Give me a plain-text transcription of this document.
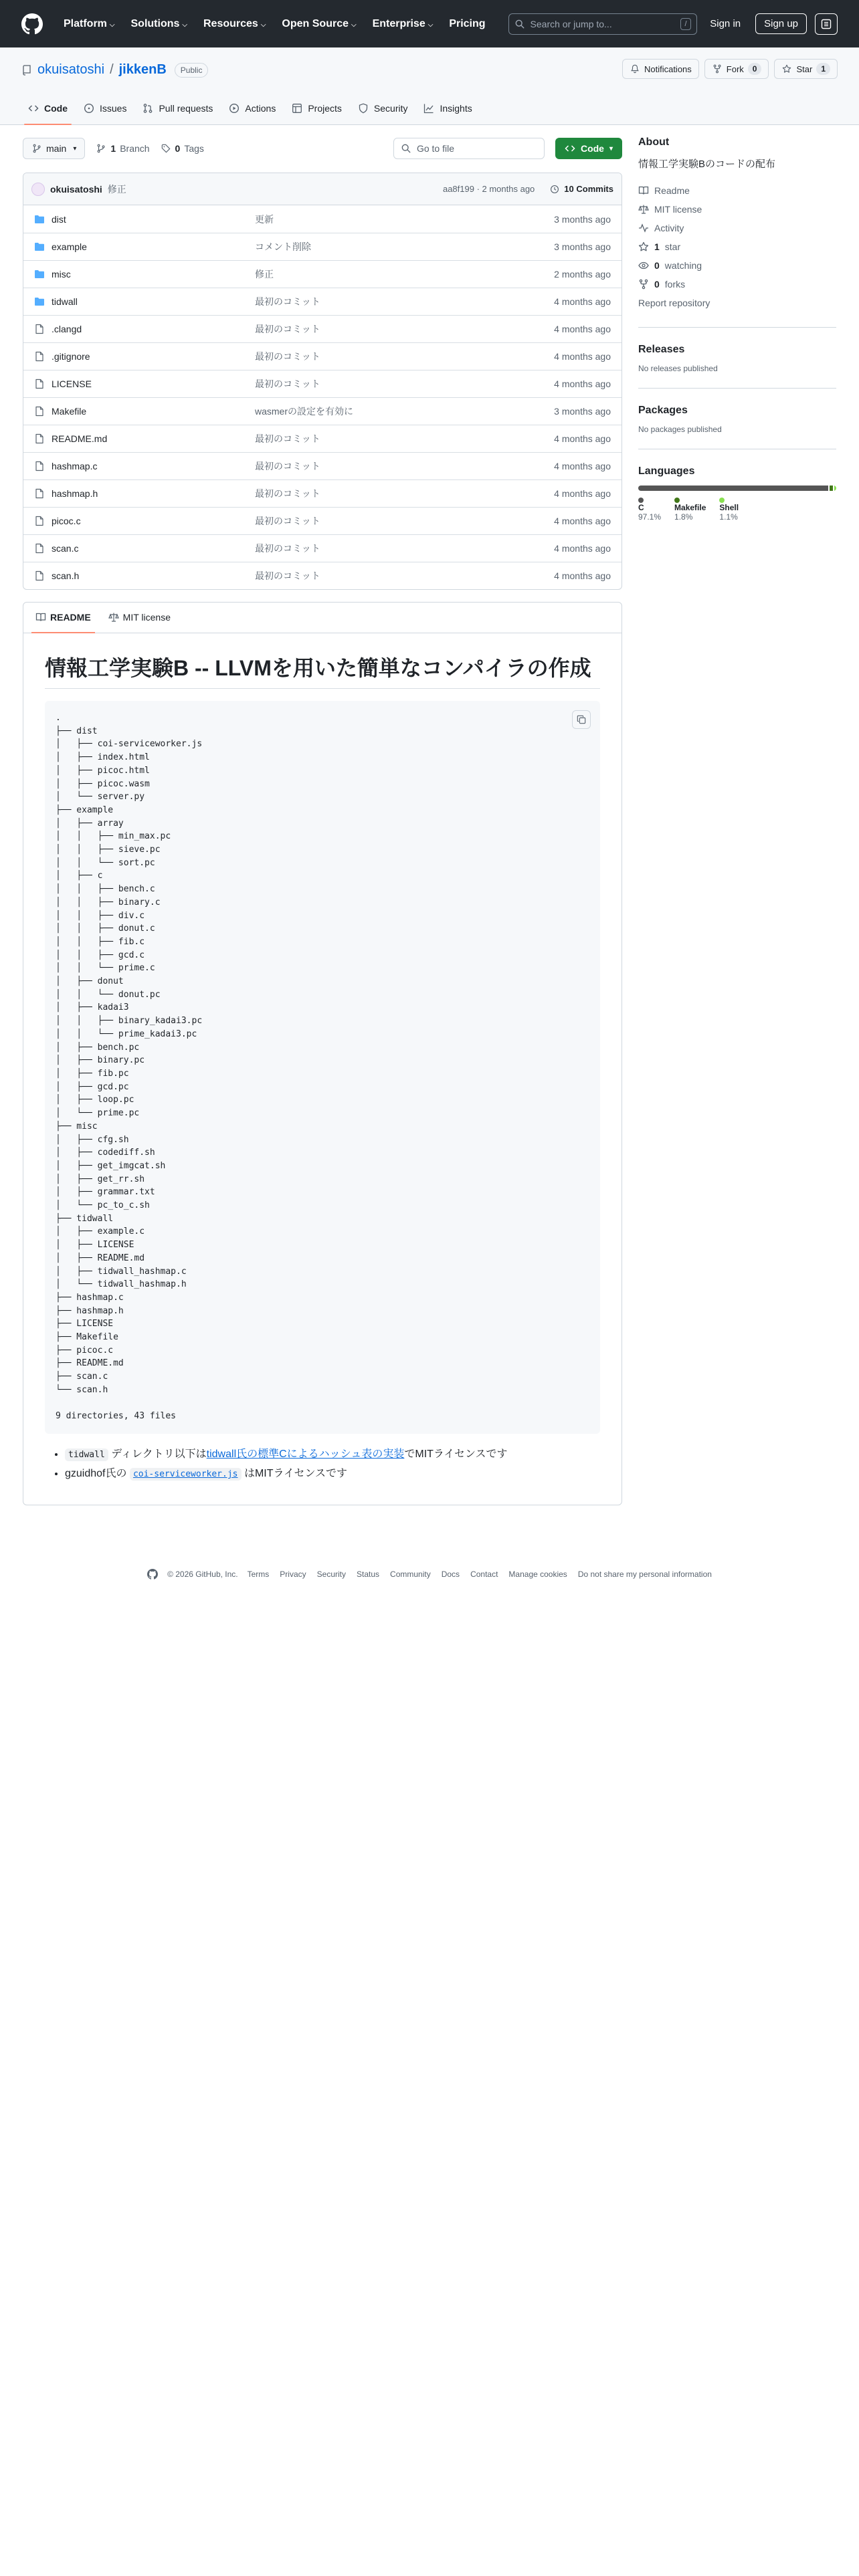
Platform ⌵ Solutions ⌵ Resources ⌵ Open Source ⌵ Enterprise ⌵ Pricing
Search or jump to...	/	Sign in	Sign up
okuisatoshi / jikkenB	Public	Notifications	Fork	0	Star	1
Code	Issues	Pull requests	Actions	Projects	Security	Insights
main ▾	1 Branch	0 Tags	Go to file	Code ▾
okuisatoshi 修正	aa8f199 · 2 months ago	10 Commits
dist	更新	3 months ago
example	コメント削除	3 months ago
misc	修正	2 months ago
tidwall	最初のコミット	4 months ago
.clangd	最初のコミット	4 months ago
.gitignore	最初のコミット	4 months ago
LICENSE	最初のコミット	4 months ago
Makefile	wasmerの設定を有効に	3 months ago
README.md	最初のコミット	4 months ago
hashmap.c	最初のコミット	4 months ago
hashmap.h	最初のコミット	4 months ago
picoc.c	最初のコミット	4 months ago
scan.c	最初のコミット	4 months ago
scan.h	最初のコミット	4 months ago
README	MIT license
情報工学実験B -- LLVMを用いた簡単なコンパイラの作成
.
├── dist
│   ├── coi-serviceworker.js
│   ├── index.html
│   ├── picoc.html
│   ├── picoc.wasm
│   └── server.py
├── example
│   ├── array
│   │   ├── min_max.pc
│   │   ├── sieve.pc
│   │   └── sort.pc
│   ├── c
│   │   ├── bench.c
│   │   ├── binary.c
│   │   ├── div.c
│   │   ├── donut.c
│   │   ├── fib.c
│   │   ├── gcd.c
│   │   └── prime.c
│   ├── donut
│   │   └── donut.pc
│   ├── kadai3
│   │   ├── binary_kadai3.pc
│   │   └── prime_kadai3.pc
│   ├── bench.pc
│   ├── binary.pc
│   ├── fib.pc
│   ├── gcd.pc
│   ├── loop.pc
│   └── prime.pc
├── misc
│   ├── cfg.sh
│   ├── codediff.sh
│   ├── get_imgcat.sh
│   ├── get_rr.sh
│   ├── grammar.txt
│   └── pc_to_c.sh
├── tidwall
│   ├── example.c
│   ├── LICENSE
│   ├── README.md
│   ├── tidwall_hashmap.c
│   └── tidwall_hashmap.h
├── hashmap.c
├── hashmap.h
├── LICENSE
├── Makefile
├── picoc.c
├── README.md
├── scan.c
└── scan.h

9 directories, 43 files
• tidwall ディレクトリ以下はtidwall氏の標準Cによるハッシュ表の実装でMITライセンスです
• gzuidhof氏の coi-serviceworker.js はMITライセンスです
About

情報工学実験Bのコードの配布

Readme
MIT license
Activity
1 star
0 watching
0 forks
Report repository
Releases

No releases published

Packages

No packages published

Languages
C
97.1%
Makefile
1.8%
Shell
1.1%
© 2026 GitHub, Inc. Terms Privacy Security Status Community Docs Contact Manage cookies Do not share my personal information
